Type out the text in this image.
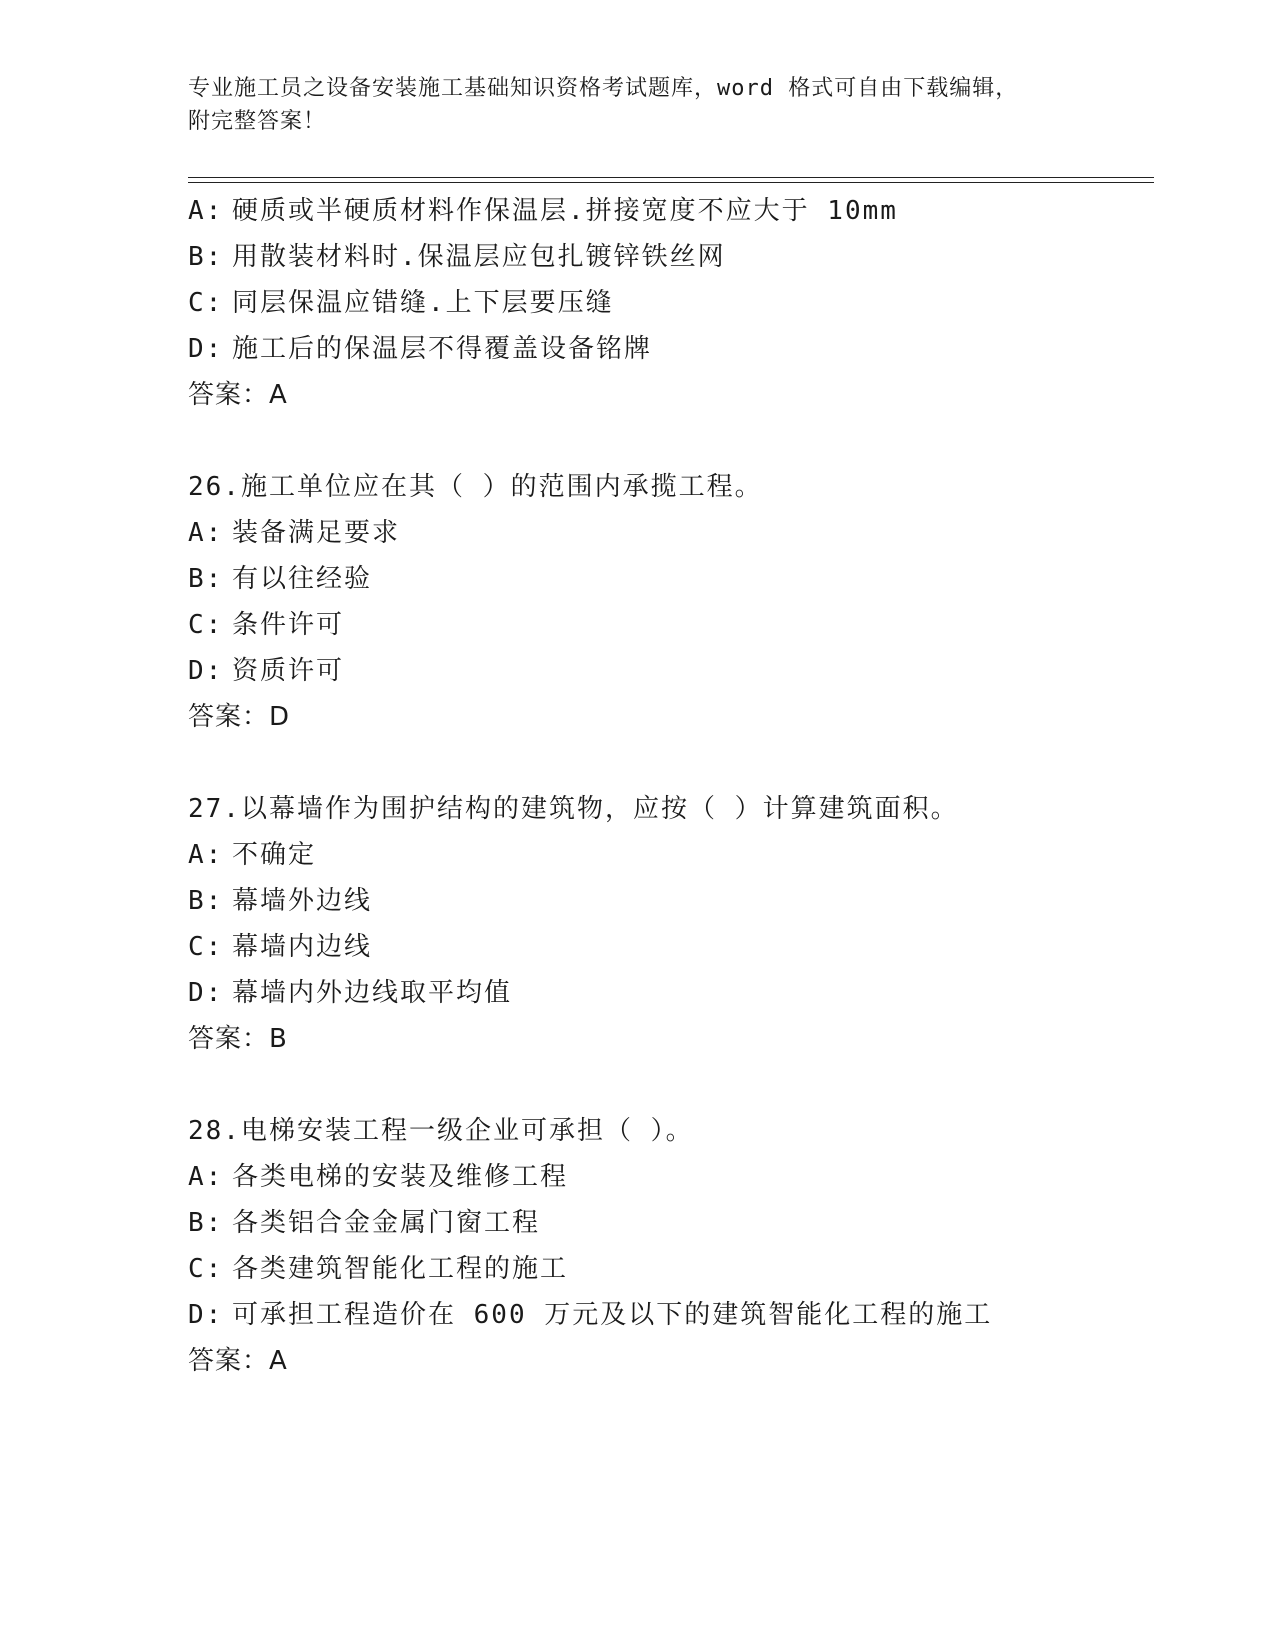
专业施工员之设备安装施工基础知识资格考试题库，word 格式可自由下载编辑，
附完整答案！
A: 硬质或半硬质材料作保温层.拼接宽度不应大于 10mm
B: 用散装材料时.保温层应包扎镀锌铁丝网
C: 同层保温应错缝.上下层要压缝
D: 施工后的保温层不得覆盖设备铭牌
答案：A
26.施工单位应在其（ ）的范围内承揽工程。
A: 装备满足要求
B: 有以往经验
C: 条件许可
D: 资质许可
答案：D
27.以幕墙作为围护结构的建筑物，应按（ ）计算建筑面积。
A: 不确定
B: 幕墙外边线
C: 幕墙内边线
D: 幕墙内外边线取平均值
答案：B
28.电梯安装工程一级企业可承担（ ）。
A: 各类电梯的安装及维修工程
B: 各类铝合金金属门窗工程
C: 各类建筑智能化工程的施工
D: 可承担工程造价在 600 万元及以下的建筑智能化工程的施工
答案：A
